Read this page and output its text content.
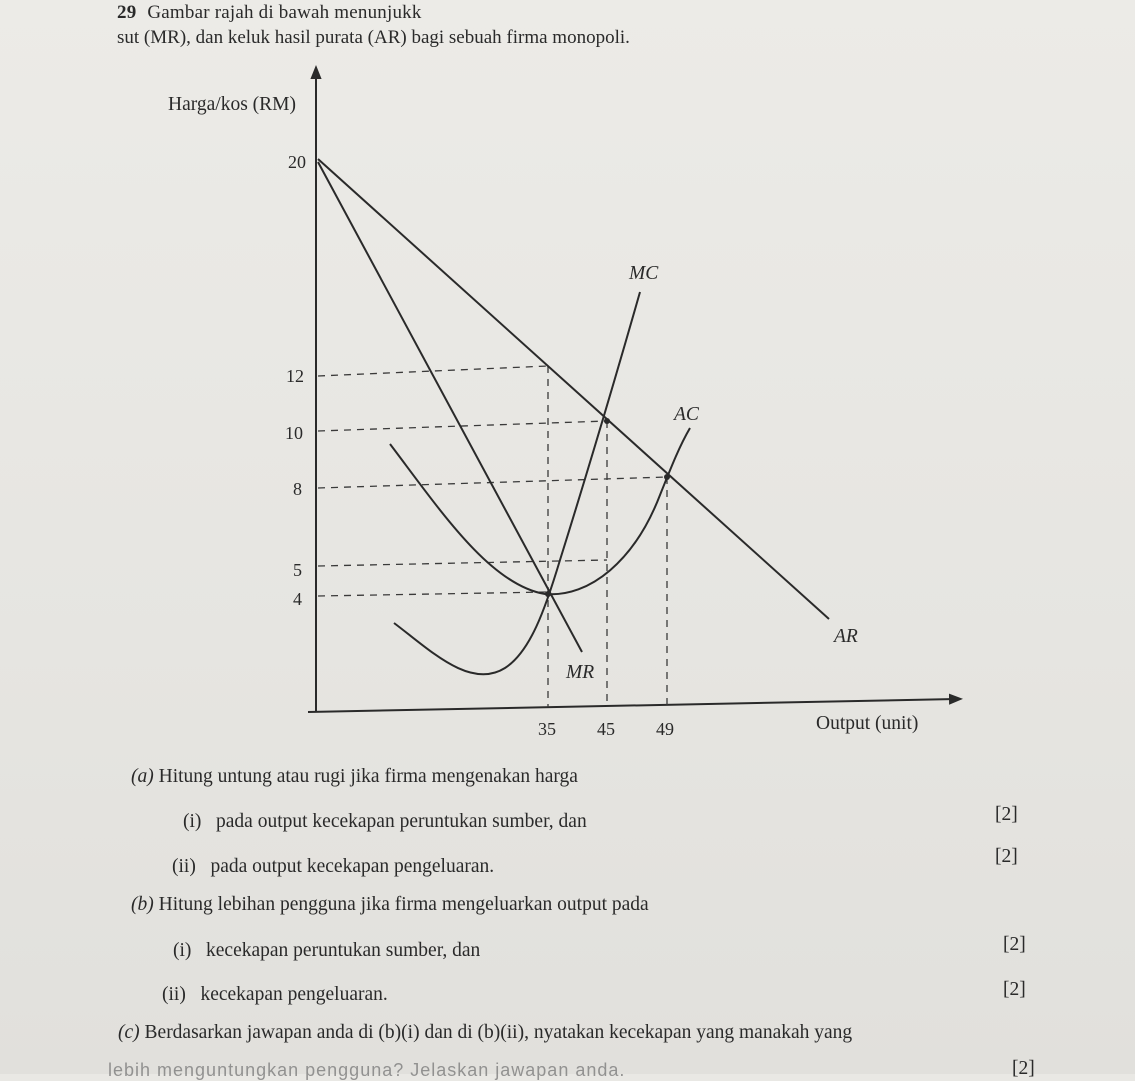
29 Gambar rajah di bawah menunjukk
sut (MR), dan keluk hasil purata (AR) bagi sebuah firma monopoli.
Harga/kos (RM)
Output (unit)
20
12
10
8
5
4
35 45 49
MC
AC
AR
MR
(a) Hitung untung atau rugi jika firma mengenakan harga
(i) pada output kecekapan peruntukan sumber, dan	[2]
(ii) pada output kecekapan pengeluaran.	[2]
(b) Hitung lebihan pengguna jika firma mengeluarkan output pada
(i) kecekapan peruntukan sumber, dan	[2]
(ii) kecekapan pengeluaran.	[2]
(c) Berdasarkan jawapan anda di (b)(i) dan di (b)(ii), nyatakan kecekapan yang manakah yang
lebih menguntungkan pengguna? Jelaskan jawapan anda.	[2]
